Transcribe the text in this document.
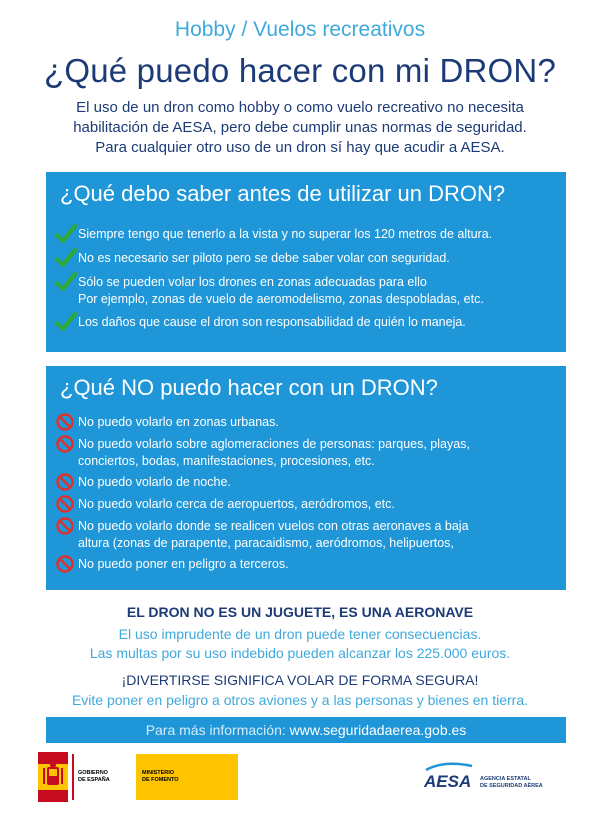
Hobby / Vuelos recreativos
¿Qué puedo hacer con mi DRON?
El uso de un dron como hobby o como vuelo recreativo no necesita
habilitación de AESA, pero debe cumplir unas normas de seguridad.
Para cualquier otro uso de un dron sí hay que acudir a AESA.
¿Qué debo saber antes de utilizar un DRON?
Siempre tengo que tenerlo a la vista y no superar los 120 metros de altura.
No es necesario ser piloto pero se debe saber volar con seguridad.
Sólo se pueden volar los drones en zonas adecuadas para ello
Por ejemplo, zonas de vuelo de aeromodelismo, zonas despobladas, etc.
Los daños que cause el dron son responsabilidad de quién lo maneja.
¿Qué NO puedo hacer con un DRON?
No puedo volarlo en zonas urbanas.
No puedo volarlo sobre aglomeraciones de personas: parques, playas,
conciertos, bodas, manifestaciones, procesiones, etc.
No puedo volarlo de noche.
No puedo volarlo cerca de aeropuertos, aeródromos, etc.
No puedo volarlo donde se realicen vuelos con otras aeronaves a baja
altura (zonas de parapente, paracaidismo, aeródromos, helipuertos,
No puedo poner en peligro a terceros.
EL DRON NO ES UN JUGUETE, ES UNA AERONAVE
El uso imprudente de un dron puede tener consecuencias.
Las multas por su uso indebido pueden alcanzar los 225.000 euros.
¡DIVERTIRSE SIGNIFICA VOLAR DE FORMA SEGURA!
Evite poner en peligro a otros aviones y a las personas y bienes en tierra.
Para más información: www.seguridadaerea.gob.es
GOBIERNO
DE ESPAÑA
MINISTERIO
DE FOMENTO	AESA AGENCIA ESTATAL
DE SEGURIDAD AÉREA
